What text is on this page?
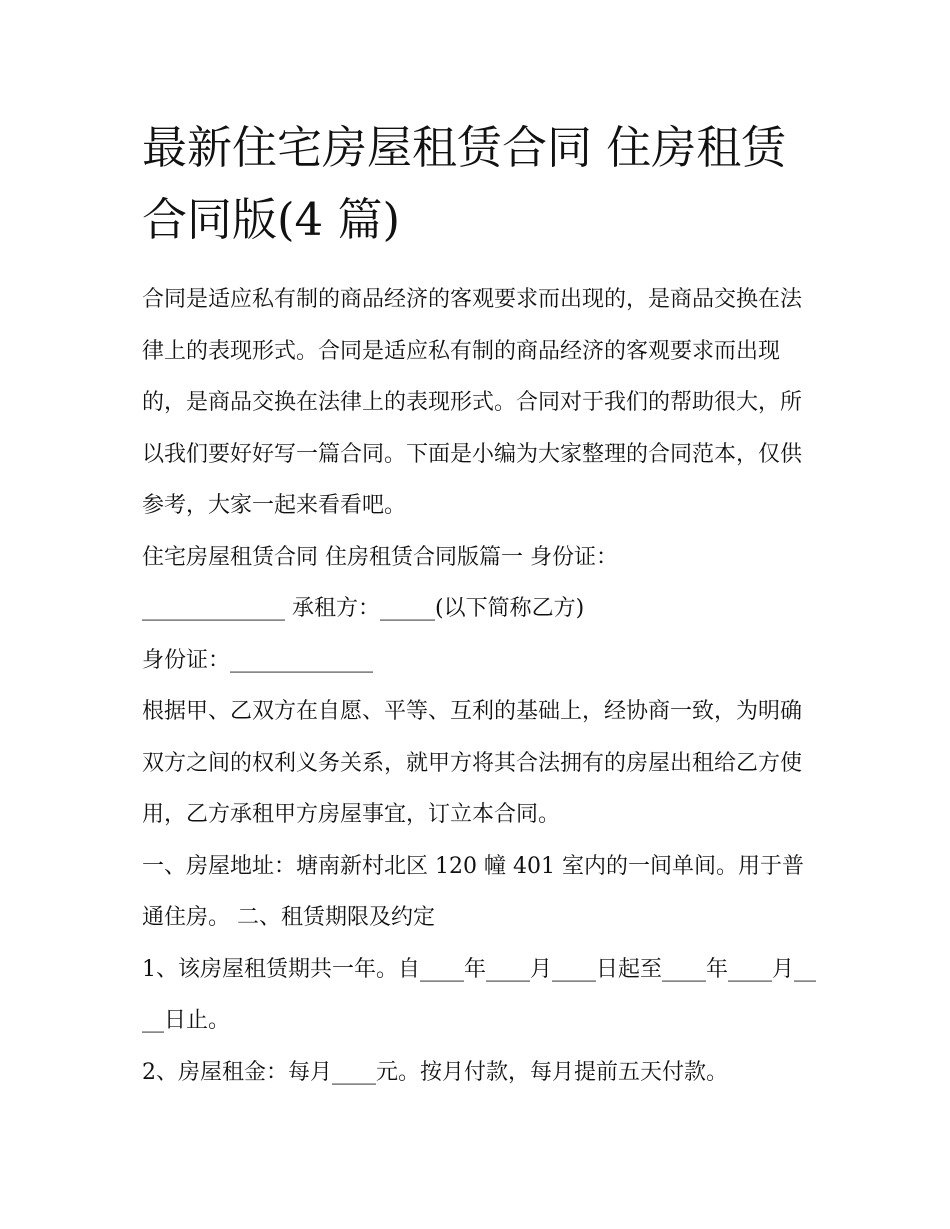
最新住宅房屋租赁合同 住房租赁合同版(4 篇)

合同是适应私有制的商品经济的客观要求而出现的，是商品交换在法律上的表现形式。合同是适应私有制的商品经济的客观要求而出现的，是商品交换在法律上的表现形式。合同对于我们的帮助很大，所以我们要好好写一篇合同。下面是小编为大家整理的合同范本，仅供参考，大家一起来看看吧。

住宅房屋租赁合同 住房租赁合同版篇一 身份证：

_____________ 承租方：_____(以下简称乙方)

身份证：_____________

根据甲、乙双方在自愿、平等、互利的基础上，经协商一致，为明确双方之间的权利义务关系，就甲方将其合法拥有的房屋出租给乙方使用，乙方承租甲方房屋事宜，订立本合同。

一、房屋地址：塘南新村北区 120 幢 401 室内的一间单间。用于普通住房。 二、租赁期限及约定

1、该房屋租赁期共一年。自____年____月____日起至____年____月____日止。

2、房屋租金：每月____元。按月付款，每月提前五天付款。
